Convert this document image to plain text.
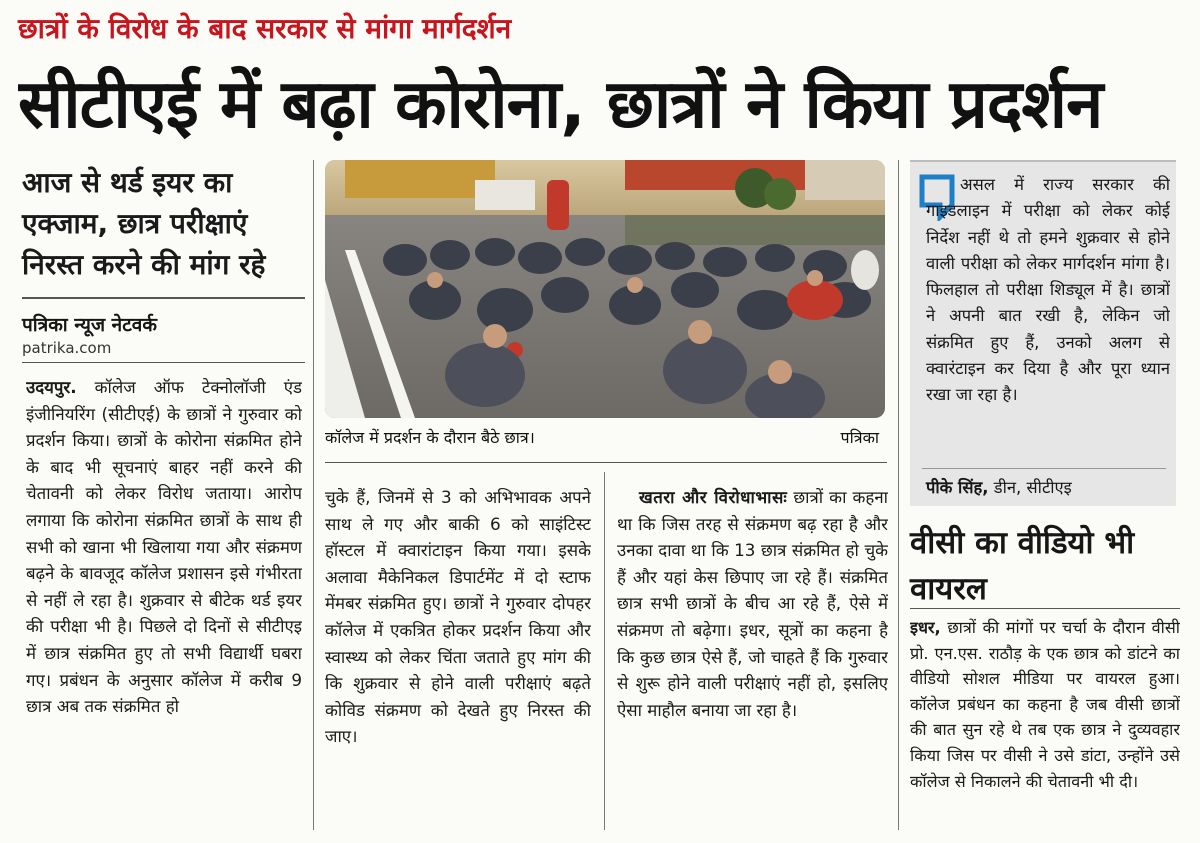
छात्रों के विरोध के बाद सरकार से मांगा मार्गदर्शन
सीटीएई में बढ़ा कोरोना, छात्रों ने किया प्रदर्शन
आज से थर्ड इयर का एक्जाम, छात्र परीक्षाएं निरस्त करने की मांग रहे
पत्रिका न्यूज नेटवर्क
patrika.com

उदयपुर. कॉलेज ऑफ टेक्नोलॉजी एंड इंजीनियरिंग (सीटीएई) के छात्रों ने गुरुवार को प्रदर्शन किया। छात्रों के कोरोना संक्रमित होने के बाद भी सूचनाएं बाहर नहीं करने की चेतावनी को लेकर विरोध जताया। आरोप लगाया कि कोरोना संक्रमित छात्रों के साथ ही सभी को खाना भी खिलाया गया और संक्रमण बढ़ने के बावजूद कॉलेज प्रशासन इसे गंभीरता से नहीं ले रहा है। शुक्रवार से बीटेक थर्ड इयर की परीक्षा भी है। पिछले दो दिनों से सीटीएइ में छात्र संक्रमित हुए तो सभी विद्यार्थी घबरा गए। प्रबंधन के अनुसार कॉलेज में करीब 9 छात्र अब तक संक्रमित हो

कॉलेज में प्रदर्शन के दौरान बैठे छात्र।	पत्रिका
चुके हैं, जिनमें से 3 को अभिभावक अपने साथ ले गए और बाकी 6 को साइंटिस्ट हॉस्टल में क्वारांटाइन किया गया। इसके अलावा मैकेनिकल डिपार्टमेंट में दो स्टाफ मेंमबर संक्रमित हुए। छात्रों ने गुरुवार दोपहर कॉलेज में एकत्रित होकर प्रदर्शन किया और स्वास्थ्य को लेकर चिंता जताते हुए मांग की कि शुक्रवार से होने वाली परीक्षाएं बढ़ते कोविड संक्रमण को देखते हुए निरस्त की जाए।

खतरा और विरोधाभासः छात्रों का कहना था कि जिस तरह से संक्रमण बढ़ रहा है और उनका दावा था कि 13 छात्र संक्रमित हो चुके हैं और यहां केस छिपाए जा रहे हैं। संक्रमित छात्र सभी छात्रों के बीच आ रहे हैं, ऐसे में संक्रमण तो बढ़ेगा। इधर, सूत्रों का कहना है कि कुछ छात्र ऐसे हैं, जो चाहते हैं कि गुरुवार से शुरू होने वाली परीक्षाएं नहीं हो, इसलिए ऐसा माहौल बनाया जा रहा है।

असल में राज्य सरकार की गाइडलाइन में परीक्षा को लेकर कोई निर्देश नहीं थे तो हमने शुक्रवार से होने वाली परीक्षा को लेकर मार्गदर्शन मांगा है। फिलहाल तो परीक्षा शिड्यूल में है। छात्रों ने अपनी बात रखी है, लेकिन जो संक्रमित हुए हैं, उनको अलग से क्वारंटाइन कर दिया है और पूरा ध्यान रखा जा रहा है।
पीके सिंह, डीन, सीटीएइ
वीसी का वीडियो भी वायरल

इधर, छात्रों की मांगों पर चर्चा के दौरान वीसी प्रो. एन.एस. राठौड़ के एक छात्र को डांटने का वीडियो सोशल मीडिया पर वायरल हुआ। कॉलेज प्रबंधन का कहना है जब वीसी छात्रों की बात सुन रहे थे तब एक छात्र ने दुव्यवहार किया जिस पर वीसी ने उसे डांटा, उन्होंने उसे कॉलेज से निकालने की चेतावनी भी दी।
